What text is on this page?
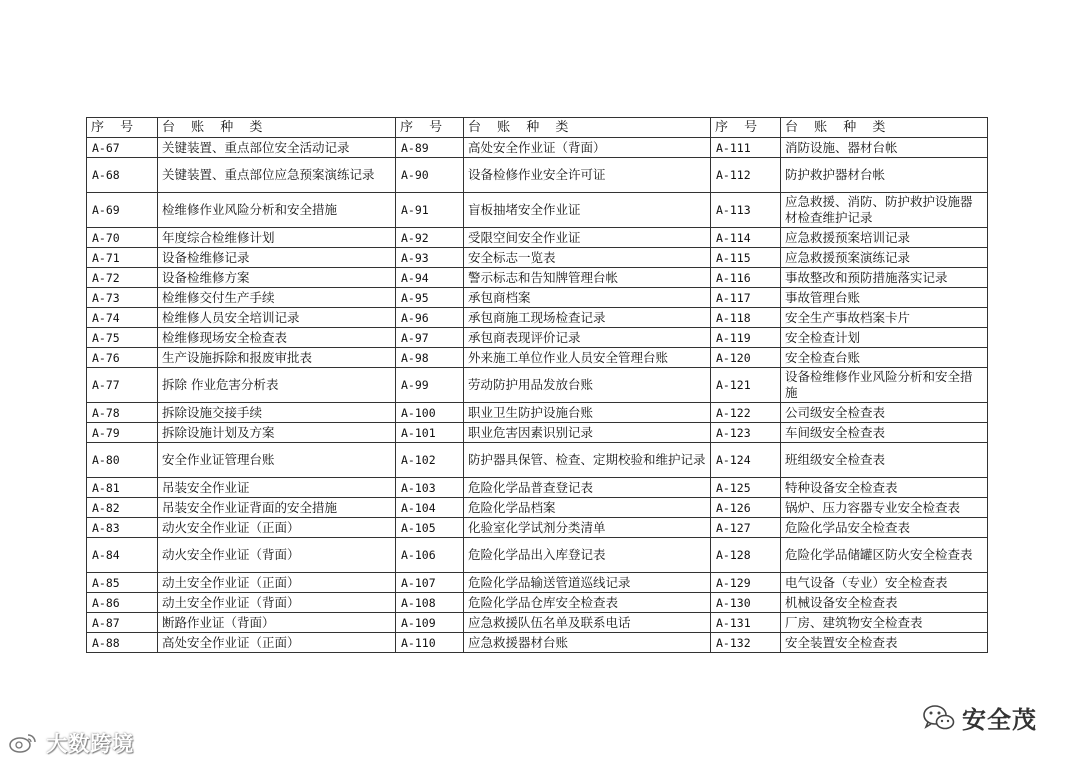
序 号	台 账 种 类	序 号	台 账 种 类	序 号	台 账 种 类
A-67	关键装置、重点部位安全活动记录	A-89	高处安全作业证（背面）	A-111	消防设施、器材台帐
A-68	关键装置、重点部位应急预案演练记录	A-90	设备检修作业安全许可证	A-112	防护救护器材台帐
A-69	检维修作业风险分析和安全措施	A-91	盲板抽堵安全作业证	A-113	应急救援、消防、防护救护设施器材检查维护记录
A-70	年度综合检维修计划	A-92	受限空间安全作业证	A-114	应急救援预案培训记录
A-71	设备检维修记录	A-93	安全标志一览表	A-115	应急救援预案演练记录
A-72	设备检维修方案	A-94	警示标志和告知牌管理台帐	A-116	事故整改和预防措施落实记录
A-73	检维修交付生产手续	A-95	承包商档案	A-117	事故管理台账
A-74	检维修人员安全培训记录	A-96	承包商施工现场检查记录	A-118	安全生产事故档案卡片
A-75	检维修现场安全检查表	A-97	承包商表现评价记录	A-119	安全检查计划
A-76	生产设施拆除和报废审批表	A-98	外来施工单位作业人员安全管理台账	A-120	安全检查台账
A-77	拆除 作业危害分析表	A-99	劳动防护用品发放台账	A-121	设备检维修作业风险分析和安全措施
A-78	拆除设施交接手续	A-100	职业卫生防护设施台账	A-122	公司级安全检查表
A-79	拆除设施计划及方案	A-101	职业危害因素识别记录	A-123	车间级安全检查表
A-80	安全作业证管理台账	A-102	防护器具保管、检查、定期校验和维护记录	A-124	班组级安全检查表
A-81	吊装安全作业证	A-103	危险化学品普查登记表	A-125	特种设备安全检查表
A-82	吊装安全作业证背面的安全措施	A-104	危险化学品档案	A-126	锅炉、压力容器专业安全检查表
A-83	动火安全作业证（正面）	A-105	化验室化学试剂分类清单	A-127	危险化学品安全检查表
A-84	动火安全作业证（背面）	A-106	危险化学品出入库登记表	A-128	危险化学品储罐区防火安全检查表
A-85	动土安全作业证（正面）	A-107	危险化学品输送管道巡线记录	A-129	电气设备（专业）安全检查表
A-86	动土安全作业证（背面）	A-108	危险化学品仓库安全检查表	A-130	机械设备安全检查表
A-87	断路作业证（背面）	A-109	应急救援队伍名单及联系电话	A-131	厂房、建筑物安全检查表
A-88	高处安全作业证（正面）	A-110	应急救援器材台账	A-132	安全装置安全检查表
大数跨境
安全茂
